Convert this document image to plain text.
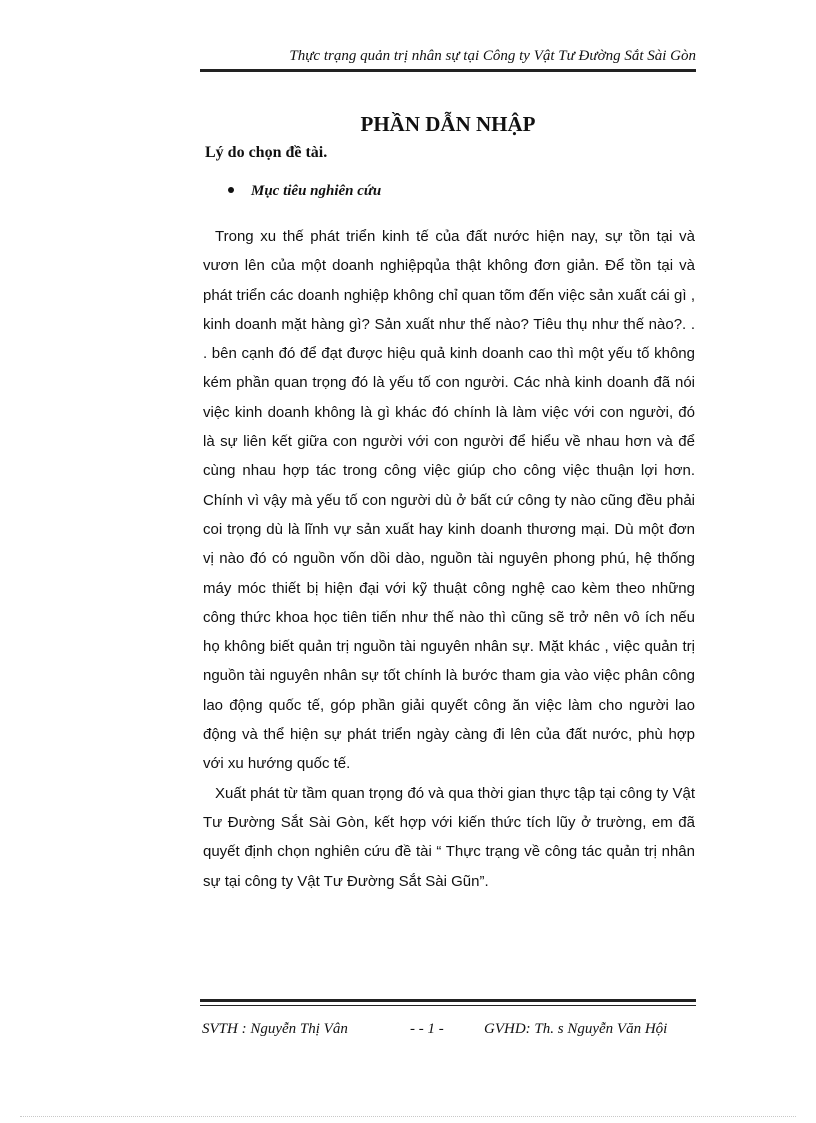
Thực trạng quản trị nhân sự tại Công ty Vật Tư Đường Sắt Sài Gòn
PHẦN DẪN NHẬP
Lý do chọn đề tài.
Mục tiêu nghiên cứu

Trong xu thế phát triển kinh tế của đất nước hiện nay, sự tồn tại và vươn lên của một doanh nghiệpqủa thật không đơn giản. Để tồn tại và phát triển các doanh nghiệp không chỉ quan tõm đến việc sản xuất cái gì , kinh doanh mặt hàng gì? Sản xuất như thế nào? Tiêu thụ như thế nào?. . . bên cạnh đó để đạt được hiệu quả kinh doanh cao thì một yếu tố không kém phần quan trọng đó là yếu tố con người. Các nhà kinh doanh đã nói việc kinh doanh không là gì khác đó chính là làm việc với con người, đó là sự liên kết giữa con người với con người để hiểu về nhau hơn và để cùng nhau hợp tác trong công việc giúp cho công việc thuận lợi hơn. Chính vì vậy mà yếu tố con người dù ở bất cứ công ty nào cũng đều phải coi trọng dù là lĩnh vự sản xuất hay kinh doanh thương mại. Dù một đơn vị nào đó có nguồn vốn dồi dào, nguồn tài nguyên phong phú, hệ thống máy móc thiết bị hiện đại với kỹ thuật công nghệ cao kèm theo những công thức khoa học tiên tiến như thế nào thì cũng sẽ trở nên vô ích nếu họ không biết quản trị nguồn tài nguyên nhân sự. Mặt khác , việc quản trị nguồn tài nguyên nhân sự tốt chính là bước tham gia vào việc phân công lao động quốc tế, góp phần giải quyết công ăn việc làm cho người lao động và thể hiện sự phát triển ngày càng đi lên của đất nước, phù hợp với xu hướng quốc tế.

Xuất phát từ tầm quan trọng đó và qua thời gian thực tập tại công ty Vật Tư Đường Sắt Sài Gòn, kết hợp với kiến thức tích lũy ở trường, em đã quyết định chọn nghiên cứu đề tài “ Thực trạng về công tác quản trị nhân sự tại công ty Vật Tư Đường Sắt Sài Gũn”.

SVTH : Nguyễn Thị Vân	- - 1 -	GVHD: Th. s Nguyễn Văn Hội
